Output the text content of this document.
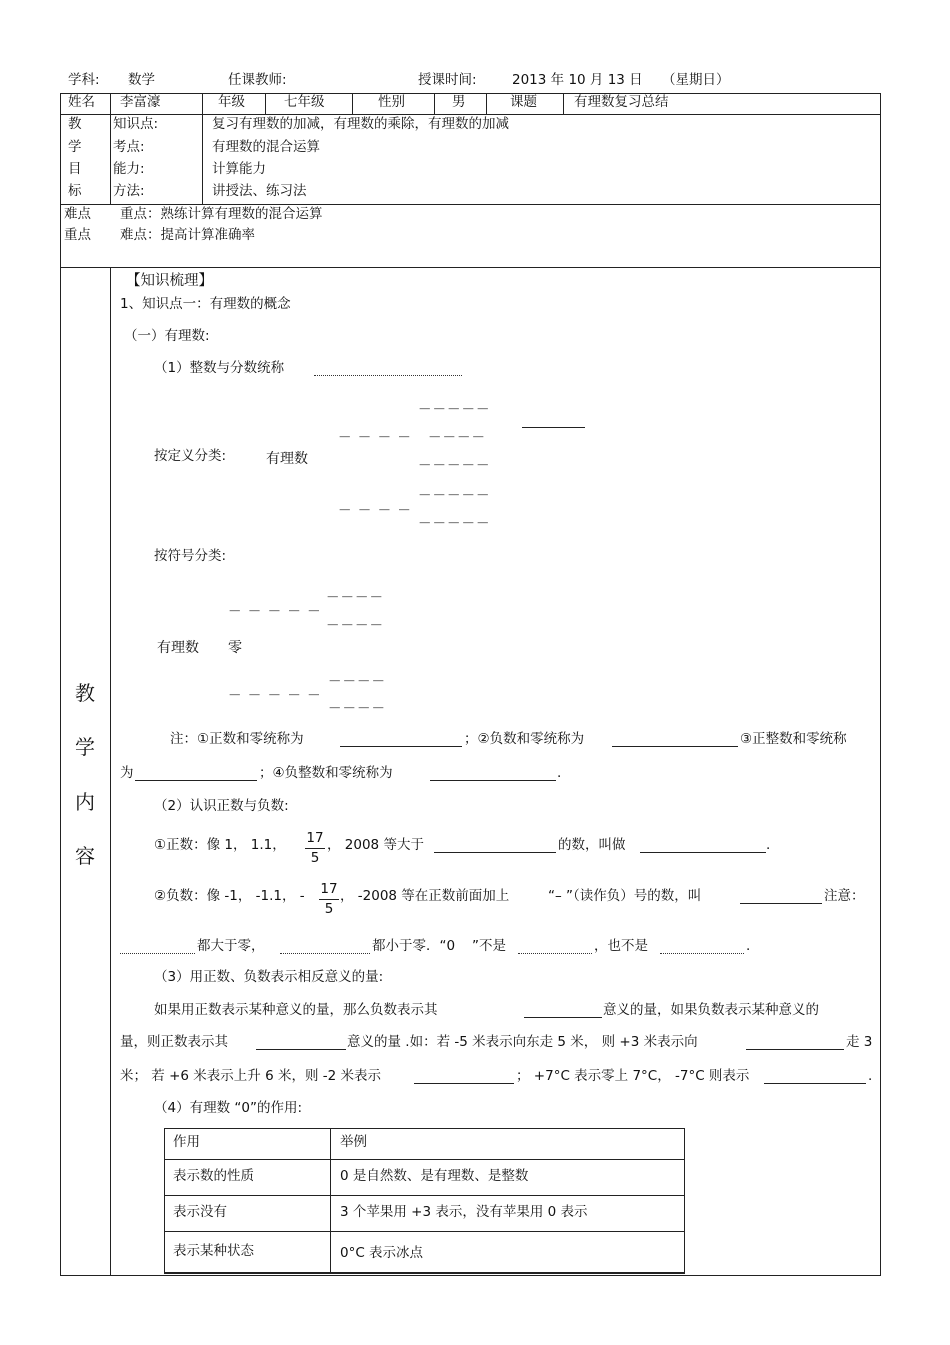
学科: 数学	任课教师:	授课时间:	2013 年 10 月 13 日 （星期日）
姓名 李富濠	年级	七年级	性别	男	课题	有理数复习总结
教
学
目
标
知识点:	复习有理数的加减，有理数的乘除，有理数的加减
考点:	有理数的混合运算
能力:	计算能力
方法:	讲授法、练习法
难点
重点
重点：熟练计算有理数的混合运算
难点：提高计算准确率
教
学
内
容
【知识梳理】
1、知识点一：有理数的概念
（一）有理数:
（1）整数与分数统称
按定义分类:	有理数
－－－－－
－ － － － －－－－
－－－－－
－－－－－
－ － － －
－－－－－
按符号分类:
－－－－
－ － － － －
－－－－
有理数 零
－－－－
－ － － － －
－－－－
注：①正数和零统称为	；②负数和零统称为	③正整数和零统称
为	；④负整数和零统称为	.
（2）认识正数与负数:
①正数：像 1， 1.1， $\frac{17}{5}$ ， 2008 等大于	的数，叫做	.
②负数：像 -1， -1.1， - $\frac{17}{5}$ ， -2008 等在正数前面加上	“– ”（读作负）号的数，叫	注意：
都大于零，	都小于零．“0 ”不是	，也不是	.
（3）用正数、负数表示相反意义的量:
如果用正数表示某种意义的量，那么负数表示其	意义的量，如果负数表示某种意义的
量，则正数表示其	意义的量 .如：若 -5 米表示向东走 5 米， 则 +3 米表示向	走 3
米； 若 +6 米表示上升 6 米，则 -2 米表示	； +7°C 表示零上 7°C， -7°C 则表示	.
（4）有理数 “0”的作用:
作用	举例
表示数的性质	0 是自然数、是有理数、是整数
表示没有	3 个苹果用 +3 表示，没有苹果用 0 表示
表示某种状态	0°C 表示冰点
